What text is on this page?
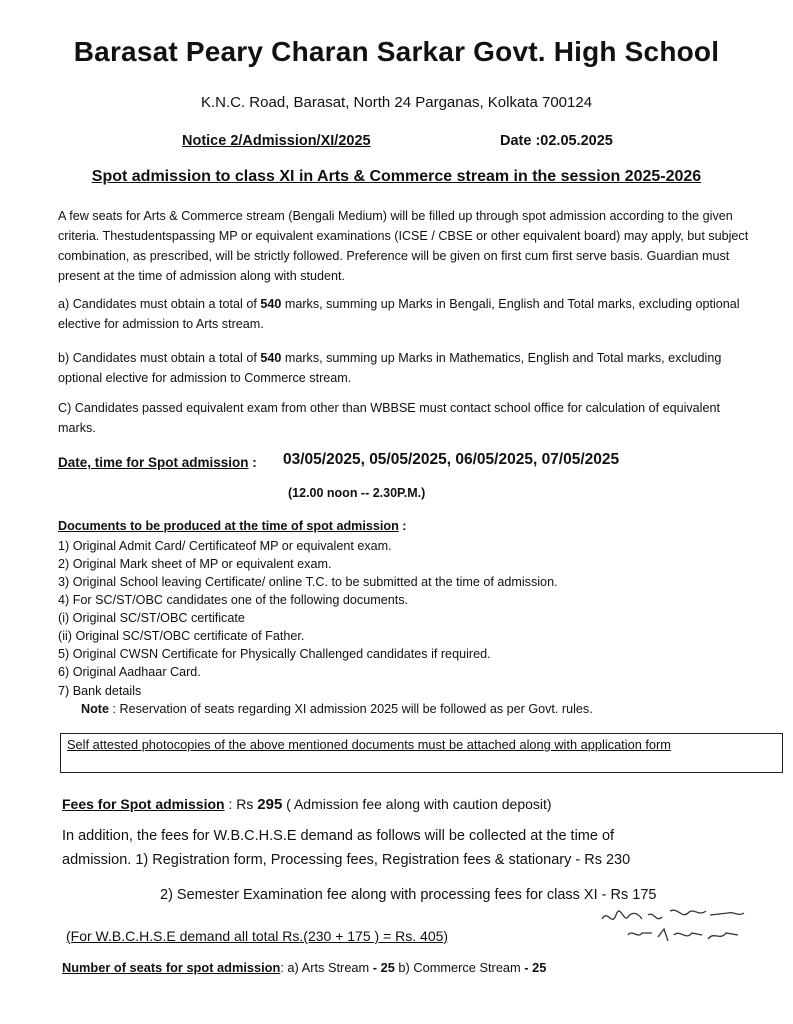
Barasat Peary Charan Sarkar Govt. High School
K.N.C. Road, Barasat, North 24 Parganas, Kolkata 700124
Notice 2/Admission/XI/2025	Date :02.05.2025
Spot admission to class XI in Arts & Commerce stream in the session 2025-2026
A few seats for Arts & Commerce stream (Bengali Medium) will be filled up through spot admission according to the given criteria. Thestudentspassing MP or equivalent examinations (ICSE / CBSE or other equivalent board) may apply, but subject combination, as prescribed, will be strictly followed. Preference will be given on first cum first serve basis. Guardian must present at the time of admission along with student.
a) Candidates must obtain a total of 540 marks, summing up Marks in Bengali, English and Total marks, excluding optional elective for admission to Arts stream.
b) Candidates must obtain a total of 540 marks, summing up Marks in Mathematics, English and Total marks, excluding optional elective for admission to Commerce stream.
C) Candidates passed equivalent exam from other than WBBSE must contact school office for calculation of equivalent marks.
Date, time for Spot admission : 03/05/2025, 05/05/2025, 06/05/2025, 07/05/2025
(12.00 noon -- 2.30P.M.)
Documents to be produced at the time of spot admission :
1) Original Admit Card/ Certificateof MP or equivalent exam.
2) Original Mark sheet of MP or equivalent exam.
3) Original School leaving Certificate/ online T.C. to be submitted at the time of admission.
4) For SC/ST/OBC candidates one of the following documents.
(i) Original SC/ST/OBC certificate
(ii) Original SC/ST/OBC certificate of Father.
5) Original CWSN Certificate for Physically Challenged candidates if required.
6) Original Aadhaar Card.
7) Bank details
Note : Reservation of seats regarding XI admission 2025 will be followed as per Govt. rules.
Self attested photocopies of the above mentioned documents must be attached along with application form
Fees for Spot admission : Rs 295 ( Admission fee along with caution deposit)
In addition, the fees for W.B.C.H.S.E demand as follows will be collected at the time of
admission. 1) Registration form, Processing fees, Registration fees & stationary - Rs 230
2) Semester Examination fee along with processing fees for class XI - Rs 175
(For W.B.C.H.S.E demand all total Rs.(230 + 175 ) = Rs. 405)
Number of seats for spot admission: a) Arts Stream - 25 b) Commerce Stream - 25
